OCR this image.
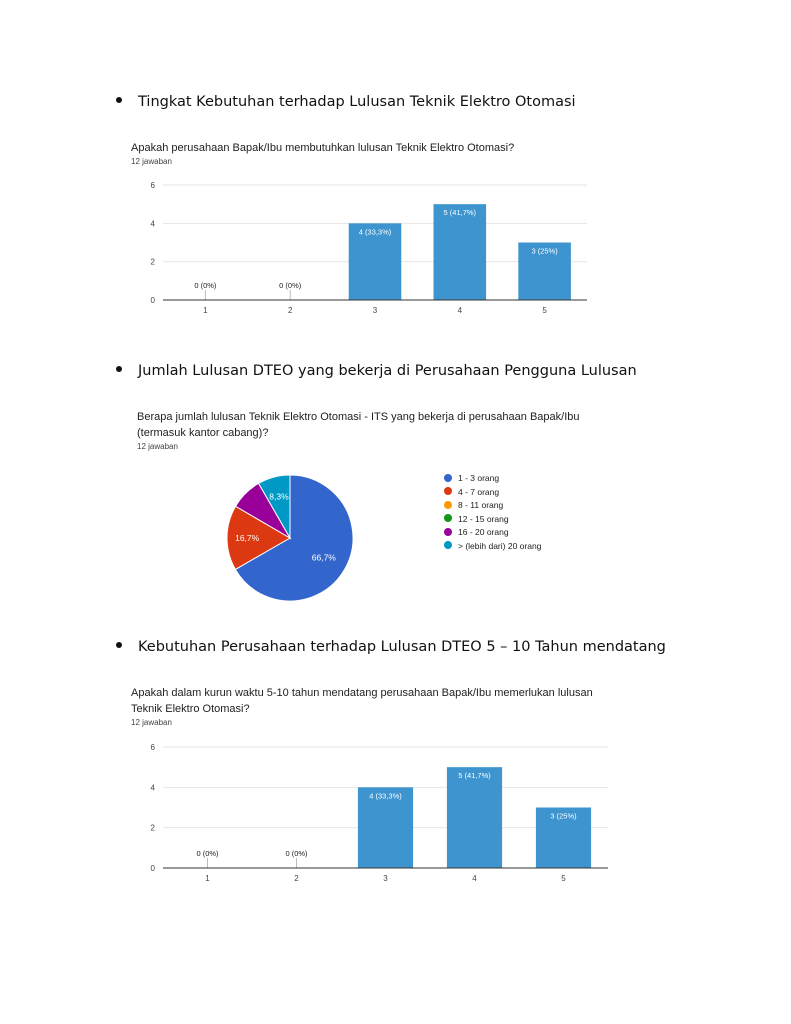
Tingkat Kebutuhan terhadap Lulusan Teknik Elektro Otomasi
Apakah perusahaan Bapak/Ibu membutuhkan lulusan Teknik Elektro Otomasi?
12 jawaban
0
2
4
6
0 (0%)
1
0 (0%)
2
4 (33,3%)
3
5 (41,7%)
4
3 (25%)
5
Jumlah Lulusan DTEO yang bekerja di Perusahaan Pengguna Lulusan
Berapa jumlah lulusan Teknik Elektro Otomasi - ITS yang bekerja di perusahaan Bapak/Ibu
(termasuk kantor cabang)?
12 jawaban
66,7%
16,7%
8,3%
1 - 3 orang
4 - 7 orang
8 - 11 orang
12 - 15 orang
16 - 20 orang
> (lebih dari) 20 orang
Kebutuhan Perusahaan terhadap Lulusan DTEO 5 – 10 Tahun mendatang
Apakah dalam kurun waktu 5-10 tahun mendatang perusahaan Bapak/Ibu memerlukan lulusan
Teknik Elektro Otomasi?
12 jawaban
0
2
4
6
0 (0%)
1
0 (0%)
2
4 (33,3%)
3
5 (41,7%)
4
3 (25%)
5
